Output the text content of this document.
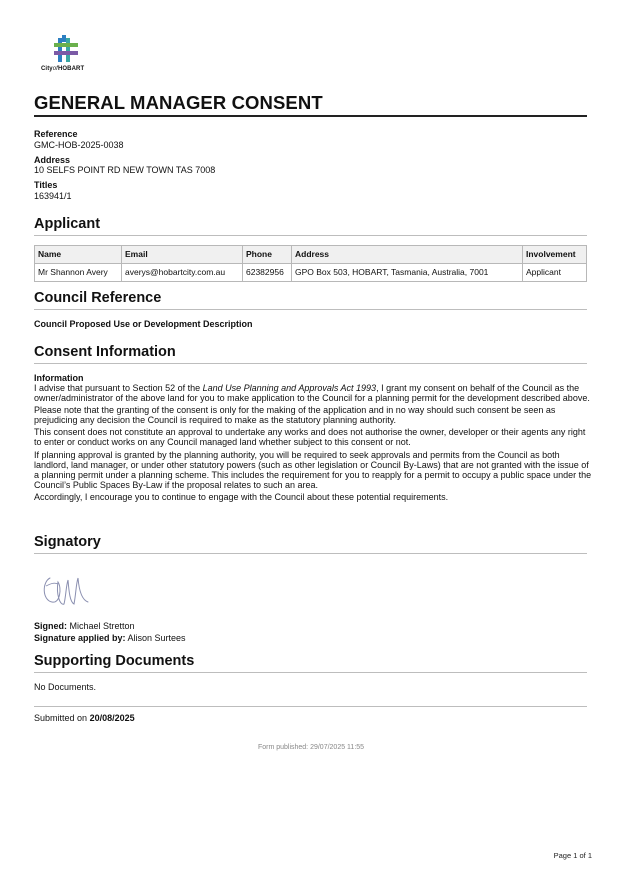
CityofHOBART
GENERAL MANAGER CONSENT
Reference
GMC-HOB-2025-0038
Address
10 SELFS POINT RD NEW TOWN TAS 7008
Titles
163941/1
Applicant
Name	Email	Phone	Address	Involvement
Mr Shannon Avery	averys@hobartcity.com.au	62382956	GPO Box 503, HOBART, Tasmania, Australia, 7001	Applicant
Council Reference
Council Proposed Use or Development Description
Consent Information

Information

I advise that pursuant to Section 52 of the Land Use Planning and Approvals Act 1993, I grant my consent on behalf of the Council as the owner/administrator of the above land for you to make application to the Council for a planning permit for the development described above.

Please note that the granting of the consent is only for the making of the application and in no way should such consent be seen as prejudicing any decision the Council is required to make as the statutory planning authority.

This consent does not constitute an approval to undertake any works and does not authorise the owner, developer or their agents any right to enter or conduct works on any Council managed land whether subject to this consent or not.

If planning approval is granted by the planning authority, you will be required to seek approvals and permits from the Council as both landlord, land manager, or under other statutory powers (such as other legislation or Council By-Laws) that are not granted with the issue of a planning permit under a planning scheme. This includes the requirement for you to reapply for a permit to occupy a public space under the Council’s Public Spaces By-Law if the proposal relates to such an area.

Accordingly, I encourage you to continue to engage with the Council about these potential requirements.

Signatory
Signed: Michael Stretton
Signature applied by: Alison Surtees
Supporting Documents
No Documents.
Submitted on 20/08/2025
Form published: 29/07/2025 11:55
Page 1 of 1
